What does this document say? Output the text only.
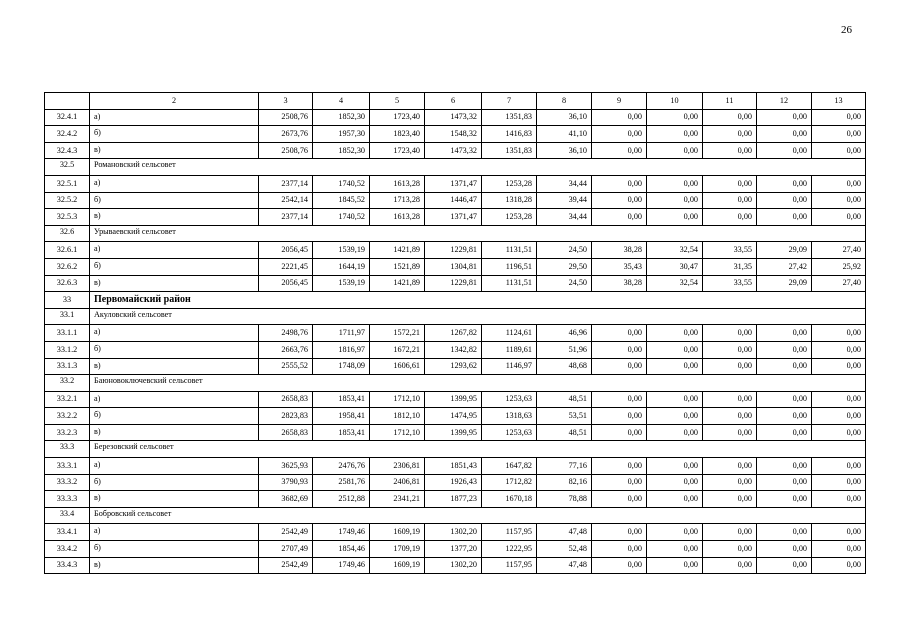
26
	2	3	4	5	6	7	8	9	10	11	12	13
32.4.1	а)	2508,76	1852,30	1723,40	1473,32	1351,83	36,10	0,00	0,00	0,00	0,00	0,00
32.4.2	б)	2673,76	1957,30	1823,40	1548,32	1416,83	41,10	0,00	0,00	0,00	0,00	0,00
32.4.3	в)	2508,76	1852,30	1723,40	1473,32	1351,83	36,10	0,00	0,00	0,00	0,00	0,00
32.5	Романовский сельсовет											
32.5.1	а)	2377,14	1740,52	1613,28	1371,47	1253,28	34,44	0,00	0,00	0,00	0,00	0,00
32.5.2	б)	2542,14	1845,52	1713,28	1446,47	1318,28	39,44	0,00	0,00	0,00	0,00	0,00
32.5.3	в)	2377,14	1740,52	1613,28	1371,47	1253,28	34,44	0,00	0,00	0,00	0,00	0,00
32.6	Урываевский сельсовет											
32.6.1	а)	2056,45	1539,19	1421,89	1229,81	1131,51	24,50	38,28	32,54	33,55	29,09	27,40
32.6.2	б)	2221,45	1644,19	1521,89	1304,81	1196,51	29,50	35,43	30,47	31,35	27,42	25,92
32.6.3	в)	2056,45	1539,19	1421,89	1229,81	1131,51	24,50	38,28	32,54	33,55	29,09	27,40
33	Первомайский район											
33.1	Акуловский сельсовет											
33.1.1	а)	2498,76	1711,97	1572,21	1267,82	1124,61	46,96	0,00	0,00	0,00	0,00	0,00
33.1.2	б)	2663,76	1816,97	1672,21	1342,82	1189,61	51,96	0,00	0,00	0,00	0,00	0,00
33.1.3	в)	2555,52	1748,09	1606,61	1293,62	1146,97	48,68	0,00	0,00	0,00	0,00	0,00
33.2	Баюновоключевский сельсовет											
33.2.1	а)	2658,83	1853,41	1712,10	1399,95	1253,63	48,51	0,00	0,00	0,00	0,00	0,00
33.2.2	б)	2823,83	1958,41	1812,10	1474,95	1318,63	53,51	0,00	0,00	0,00	0,00	0,00
33.2.3	в)	2658,83	1853,41	1712,10	1399,95	1253,63	48,51	0,00	0,00	0,00	0,00	0,00
33.3	Березовский сельсовет											
33.3.1	а)	3625,93	2476,76	2306,81	1851,43	1647,82	77,16	0,00	0,00	0,00	0,00	0,00
33.3.2	б)	3790,93	2581,76	2406,81	1926,43	1712,82	82,16	0,00	0,00	0,00	0,00	0,00
33.3.3	в)	3682,69	2512,88	2341,21	1877,23	1670,18	78,88	0,00	0,00	0,00	0,00	0,00
33.4	Бобровский сельсовет											
33.4.1	а)	2542,49	1749,46	1609,19	1302,20	1157,95	47,48	0,00	0,00	0,00	0,00	0,00
33.4.2	б)	2707,49	1854,46	1709,19	1377,20	1222,95	52,48	0,00	0,00	0,00	0,00	0,00
33.4.3	в)	2542,49	1749,46	1609,19	1302,20	1157,95	47,48	0,00	0,00	0,00	0,00	0,00
